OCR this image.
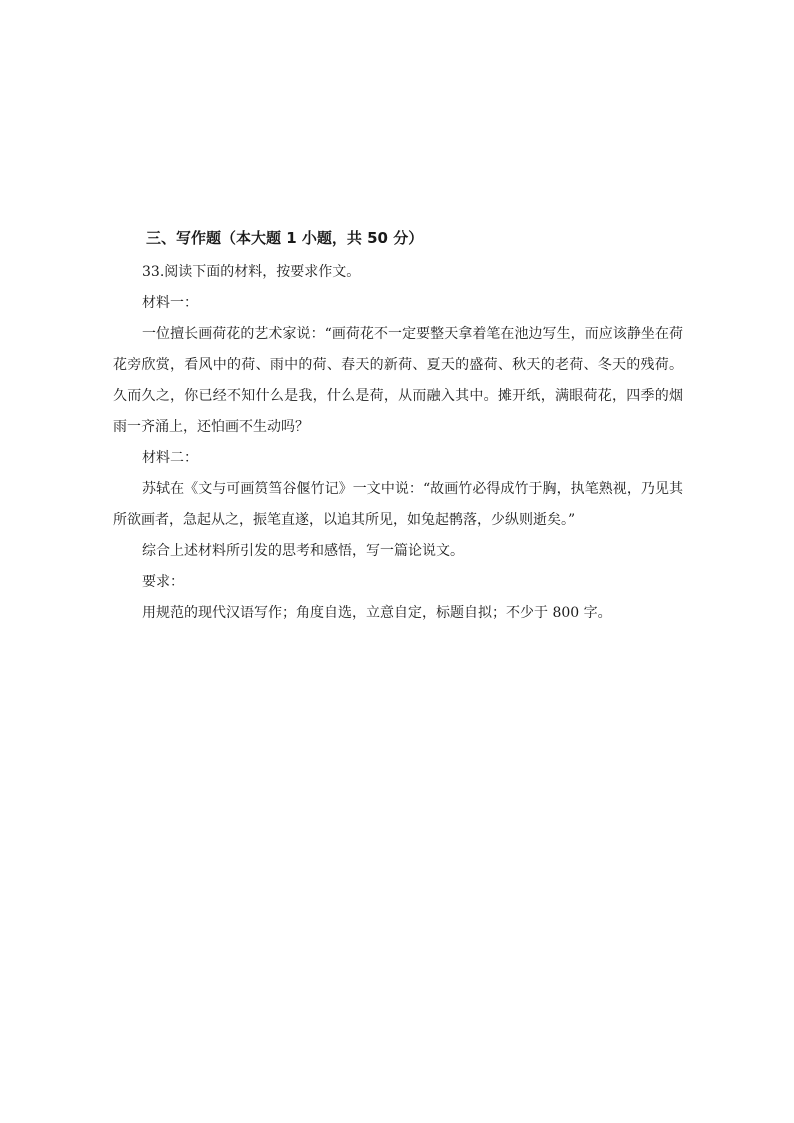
三、写作题（本大题 1 小题，共 50 分）

33.阅读下面的材料，按要求作文。

材料一：

一位擅长画荷花的艺术家说：“画荷花不一定要整天拿着笔在池边写生，而应该静坐在荷花旁欣赏，看风中的荷、雨中的荷、春天的新荷、夏天的盛荷、秋天的老荷、冬天的残荷。久而久之，你已经不知什么是我，什么是荷，从而融入其中。摊开纸，满眼荷花，四季的烟雨一齐涌上，还怕画不生动吗？

材料二：

苏轼在《文与可画筼筜谷偃竹记》一文中说：“故画竹必得成竹于胸，执笔熟视，乃见其所欲画者，急起从之，振笔直遂，以追其所见，如兔起鹘落，少纵则逝矣。”

综合上述材料所引发的思考和感悟，写一篇论说文。

要求：

用规范的现代汉语写作；角度自选，立意自定，标题自拟；不少于 800 字。
